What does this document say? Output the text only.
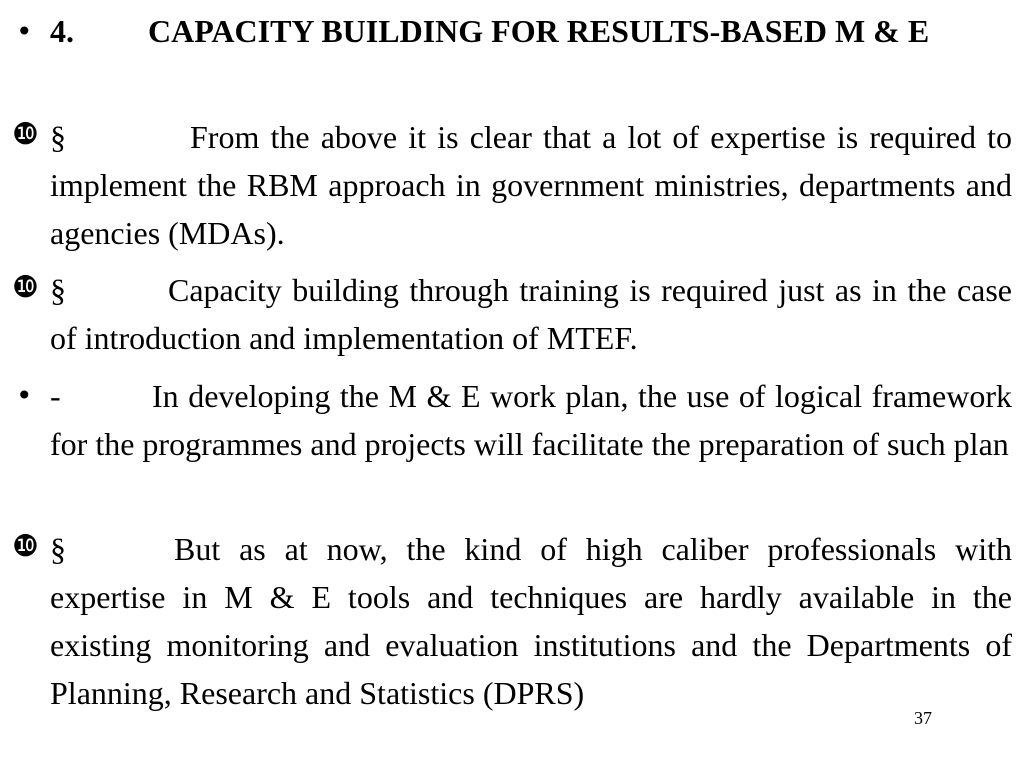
• 4. CAPACITY BUILDING FOR RESULTS-BASED M & E
❿ §	From the above it is clear that a lot of expertise is required to implement the RBM approach in government ministries, departments and agencies (MDAs).
❿ §	Capacity building through training is required just as in the case of introduction and implementation of MTEF.
• -	In developing the M & E work plan, the use of logical framework for the programmes and projects will facilitate the preparation of such plan
❿ §	But as at now, the kind of high caliber professionals with expertise in M & E tools and techniques are hardly available in the existing monitoring and evaluation institutions and the Departments of Planning, Research and Statistics (DPRS)
37
